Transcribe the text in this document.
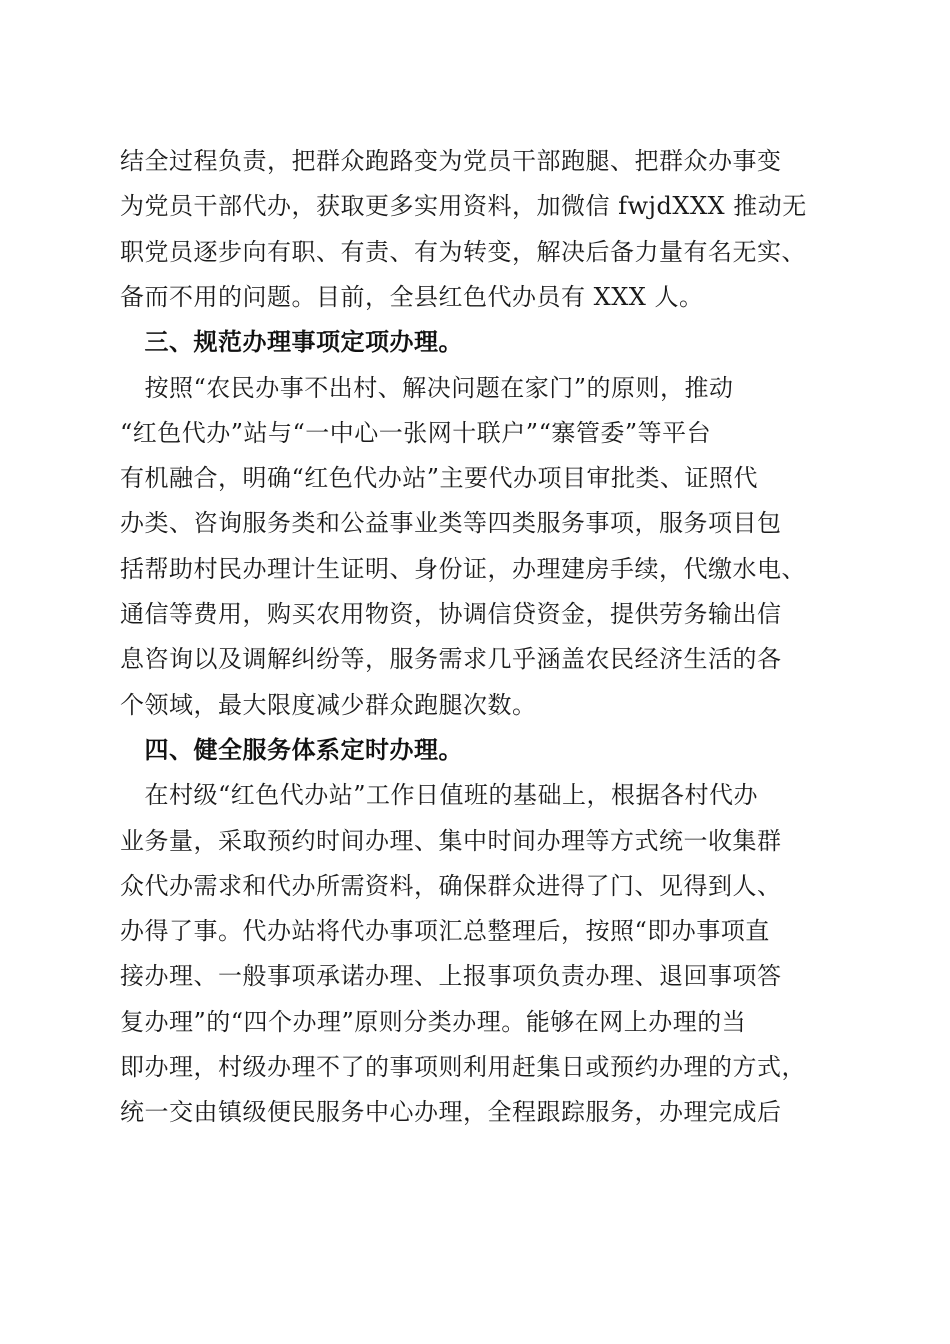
结全过程负责，把群众跑路变为党员干部跑腿、把群众办事变
为党员干部代办，获取更多实用资料，加微信 fwjdXXX 推动无
职党员逐步向有职、有责、有为转变，解决后备力量有名无实、
备而不用的问题。目前，全县红色代办员有 XXX 人。
　三、规范办理事项定项办理。
　按照“农民办事不出村、解决问题在家门”的原则，推动
“红色代办”站与“一中心一张网十联户”“寨管委”等平台
有机融合，明确“红色代办站”主要代办项目审批类、证照代
办类、咨询服务类和公益事业类等四类服务事项，服务项目包
括帮助村民办理计生证明、身份证，办理建房手续，代缴水电、
通信等费用，购买农用物资，协调信贷资金，提供劳务输出信
息咨询以及调解纠纷等，服务需求几乎涵盖农民经济生活的各
个领域，最大限度减少群众跑腿次数。
　四、健全服务体系定时办理。
　在村级“红色代办站”工作日值班的基础上，根据各村代办
业务量，采取预约时间办理、集中时间办理等方式统一收集群
众代办需求和代办所需资料，确保群众进得了门、见得到人、
办得了事。代办站将代办事项汇总整理后，按照“即办事项直
接办理、一般事项承诺办理、上报事项负责办理、退回事项答
复办理”的“四个办理”原则分类办理。能够在网上办理的当
即办理，村级办理不了的事项则利用赶集日或预约办理的方式，
统一交由镇级便民服务中心办理，全程跟踪服务，办理完成后
